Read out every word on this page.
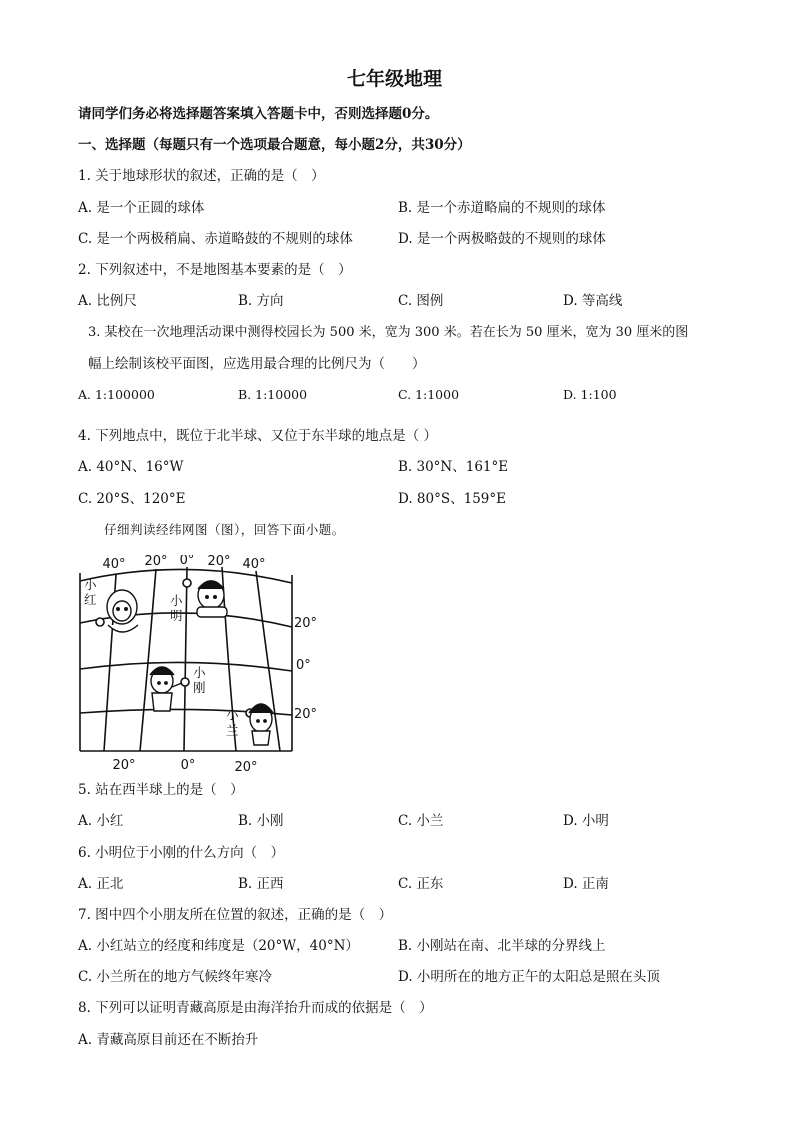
七年级地理
请同学们务必将选择题答案填入答题卡中，否则选择题0分。
一、选择题（每题只有一个选项最合题意，每小题2分，共30分）
1. 关于地球形状的叙述，正确的是（　）
A. 是一个正圆的球体	B. 是一个赤道略扁的不规则的球体
C. 是一个两极稍扁、赤道略鼓的不规则的球体	D. 是一个两极略鼓的不规则的球体
2. 下列叙述中，不是地图基本要素的是（　）
A. 比例尺	B. 方向	C. 图例	D. 等高线
3. 某校在一次地理活动课中测得校园长为 500 米，宽为 300 米。若在长为 50 厘米，宽为 30 厘米的图
幅上绘制该校平面图，应选用最合理的比例尺为（　　）
A. 1:100000	B. 1:10000	C. 1:1000	D. 1:100
4. 下列地点中，既位于北半球、又位于东半球的地点是（ ）
A. 40°N、16°W	B. 30°N、161°E
C. 20°S、120°E	D. 80°S、159°E
仔细判读经纬网图（图），回答下面小题。
40° 20° 0° 20° 40°
20°	0°	20°
20°
0°
20°
小红	小明
小刚
小兰
5. 站在西半球上的是（　）
A. 小红	B. 小刚	C. 小兰	D. 小明
6. 小明位于小刚的什么方向（　）
A. 正北	B. 正西	C. 正东	D. 正南
7. 图中四个小朋友所在位置的叙述，正确的是（　）
A. 小红站立的经度和纬度是（20°W，40°N）	B. 小刚站在南、北半球的分界线上
C. 小兰所在的地方气候终年寒冷	D. 小明所在的地方正午的太阳总是照在头顶
8. 下列可以证明青藏高原是由海洋抬升而成的依据是（　）
A. 青藏高原目前还在不断抬升
